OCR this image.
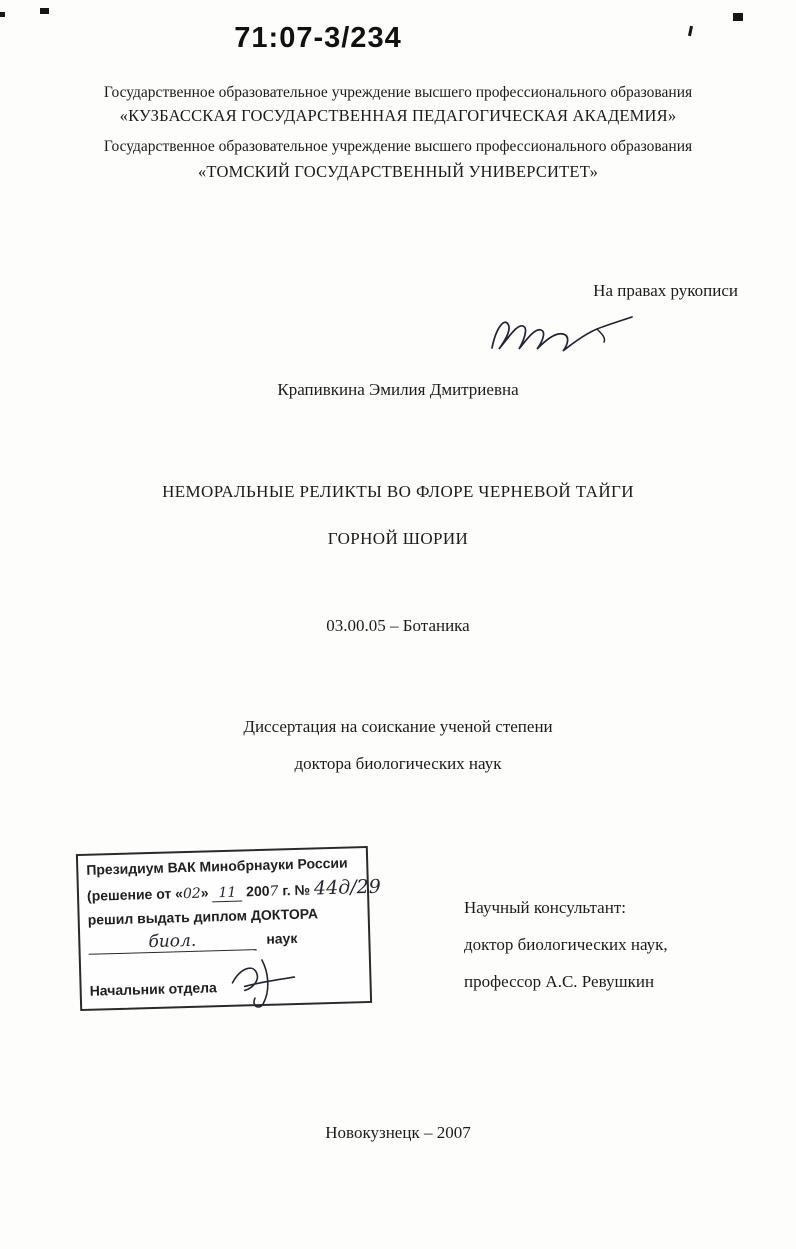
71:07-3/234
Государственное образовательное учреждение высшего профессионального образования
«КУЗБАССКАЯ ГОСУДАРСТВЕННАЯ ПЕДАГОГИЧЕСКАЯ АКАДЕМИЯ»
Государственное образовательное учреждение высшего профессионального образования
«ТОМСКИЙ ГОСУДАРСТВЕННЫЙ УНИВЕРСИТЕТ»
На правах рукописи
Крапивкина Эмилия Дмитриевна
НЕМОРАЛЬНЫЕ РЕЛИКТЫ ВО ФЛОРЕ ЧЕРНЕВОЙ ТАЙГИ
ГОРНОЙ ШОРИИ
03.00.05 – Ботаника
Диссертация на соискание ученой степени
доктора биологических наук
Президиум ВАК Минобрнауки России
(решение от «02» 11 2007 г. № 44д/29
решил выдать диплом ДОКТОРА
биол.	наук
Начальник отдела
Научный консультант:
доктор биологических наук,
профессор А.С. Ревушкин
Новокузнецк – 2007
